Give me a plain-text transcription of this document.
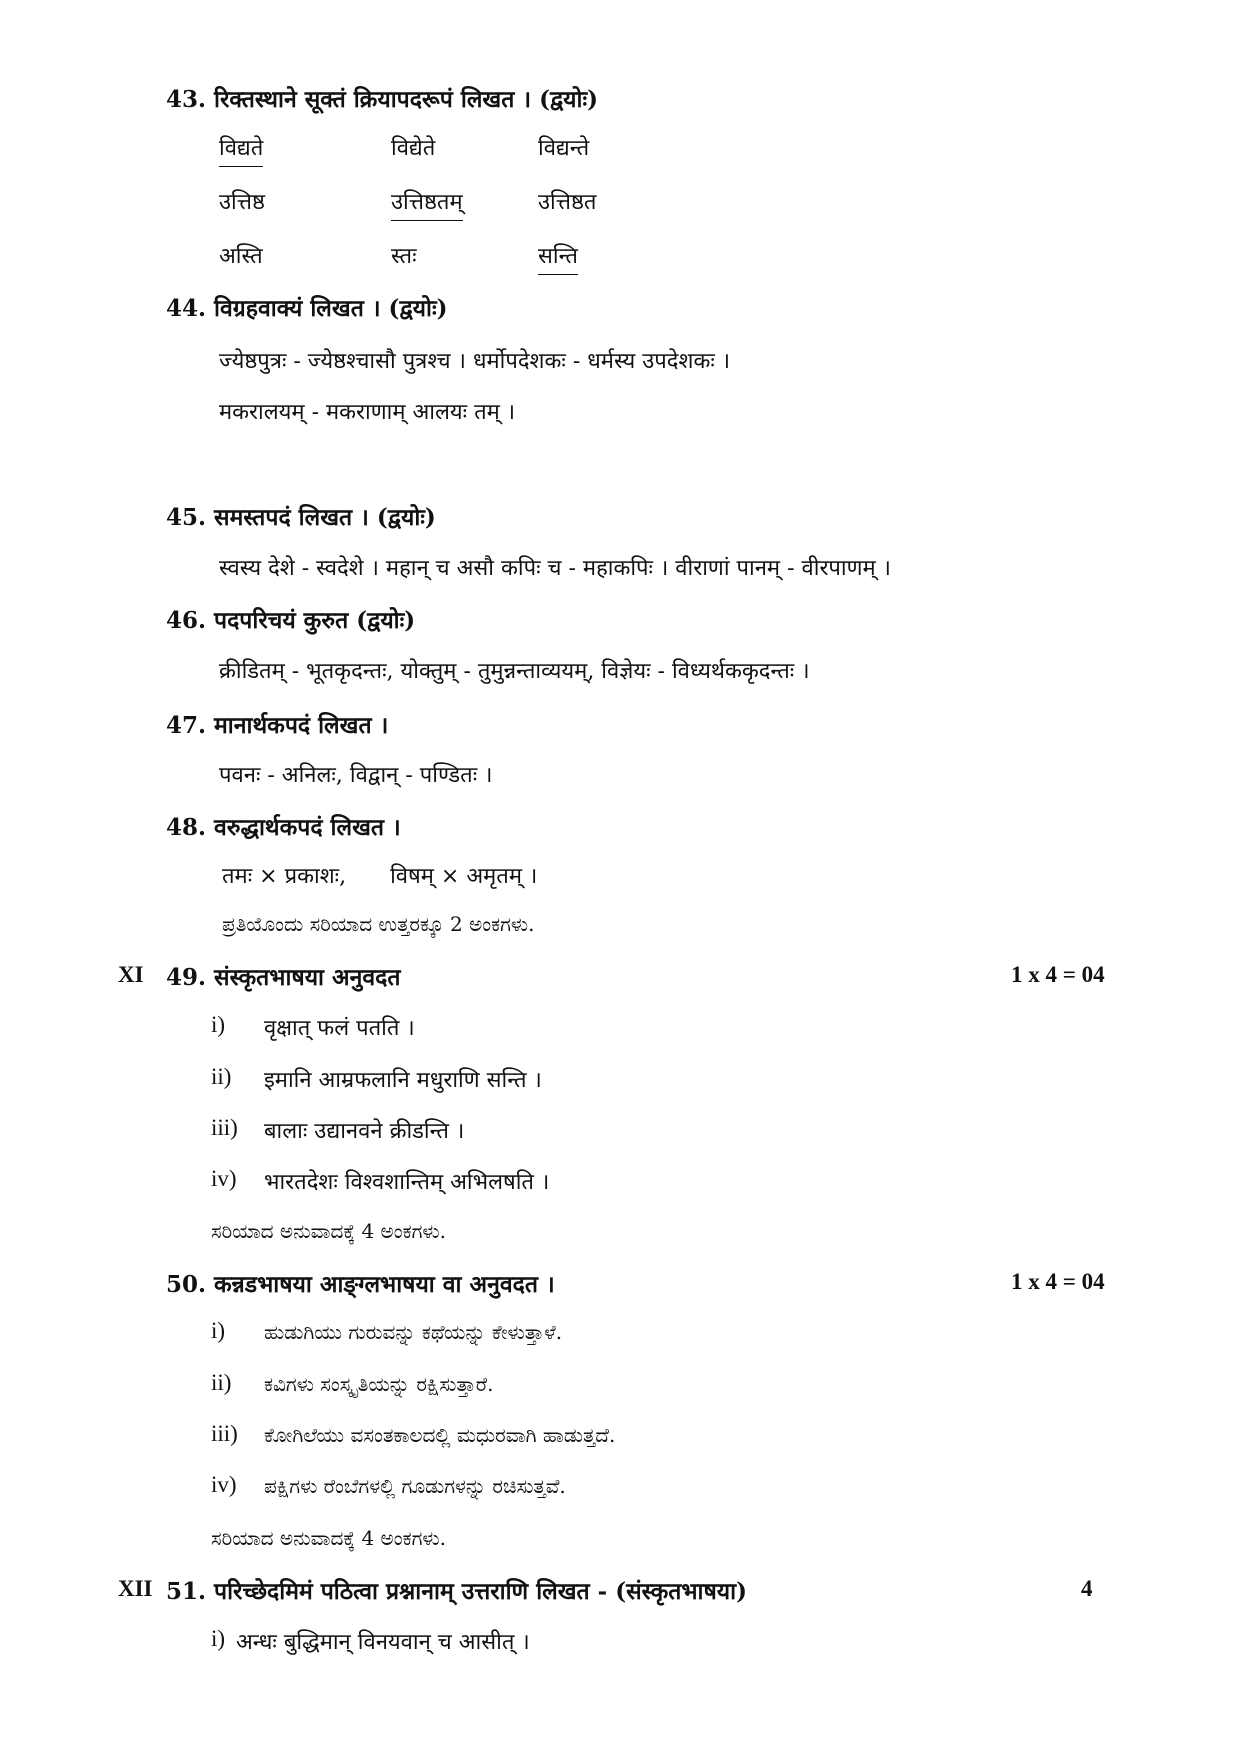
43. रिक्तस्थाने सूक्तं क्रियापदरूपं लिखत । (द्वयोः)
विद्यते	विद्येते	विद्यन्ते
उत्तिष्ठ	उत्तिष्ठतम्	उत्तिष्ठत
अस्ति	स्तः	सन्ति
44. विग्रहवाक्यं लिखत । (द्वयोः)
ज्येष्ठपुत्रः - ज्येष्ठश्चासौ पुत्रश्च । धर्मोपदेशकः - धर्मस्य उपदेशकः ।
मकरालयम् - मकराणाम् आलयः तम् ।
45. समस्तपदं लिखत । (द्वयोः)
स्वस्य देशे - स्वदेशे । महान् च असौ कपिः च - महाकपिः । वीराणां पानम् - वीरपाणम् ।
46. पदपरिचयं कुरुत (द्वयोः)
क्रीडितम् - भूतकृदन्तः, योक्तुम् - तुमुन्नन्ताव्ययम्, विज्ञेयः - विध्यर्थककृदन्तः ।
47. मानार्थकपदं लिखत ।
पवनः - अनिलः, विद्वान् - पण्डितः ।
48. वरुद्धार्थकपदं लिखत ।
तमः × प्रकाशः, विषम् × अमृतम् ।
ಪ್ರತಿಯೊಂದು ಸರಿಯಾದ ಉತ್ತರಕ್ಕೂ 2 ಅಂಕಗಳು.
XI 49. संस्कृतभाषया अनुवदत	1 x 4 = 04
i) वृक्षात् फलं पतति ।
ii) इमानि आम्रफलानि मधुराणि सन्ति ।
iii) बालाः उद्यानवने क्रीडन्ति ।
iv) भारतदेशः विश्वशान्तिम् अभिलषति ।
ಸರಿಯಾದ ಅನುವಾದಕ್ಕೆ 4 ಅಂಕಗಳು.
50. कन्नडभाषया आङ्ग्लभाषया वा अनुवदत ।	1 x 4 = 04
i) ಹುಡುಗಿಯು ಗುರುವನ್ನು ಕಥೆಯನ್ನು ಕೇಳುತ್ತಾಳೆ.
ii) ಕವಿಗಳು ಸಂಸ್ಕೃತಿಯನ್ನು ರಕ್ಷಿಸುತ್ತಾರೆ.
iii) ಕೋಗಿಲೆಯು ವಸಂತಕಾಲದಲ್ಲಿ ಮಧುರವಾಗಿ ಹಾಡುತ್ತದೆ.
iv) ಪಕ್ಷಿಗಳು ರೆಂಬೆಗಳಲ್ಲಿ ಗೂಡುಗಳನ್ನು ರಚಿಸುತ್ತವೆ.
ಸರಿಯಾದ ಅನುವಾದಕ್ಕೆ 4 ಅಂಕಗಳು.
XII 51. परिच्छेदमिमं पठित्वा प्रश्नानाम् उत्तराणि लिखत - (संस्कृतभाषया)	4
i) अन्धः बुद्धिमान् विनयवान् च आसीत् ।
